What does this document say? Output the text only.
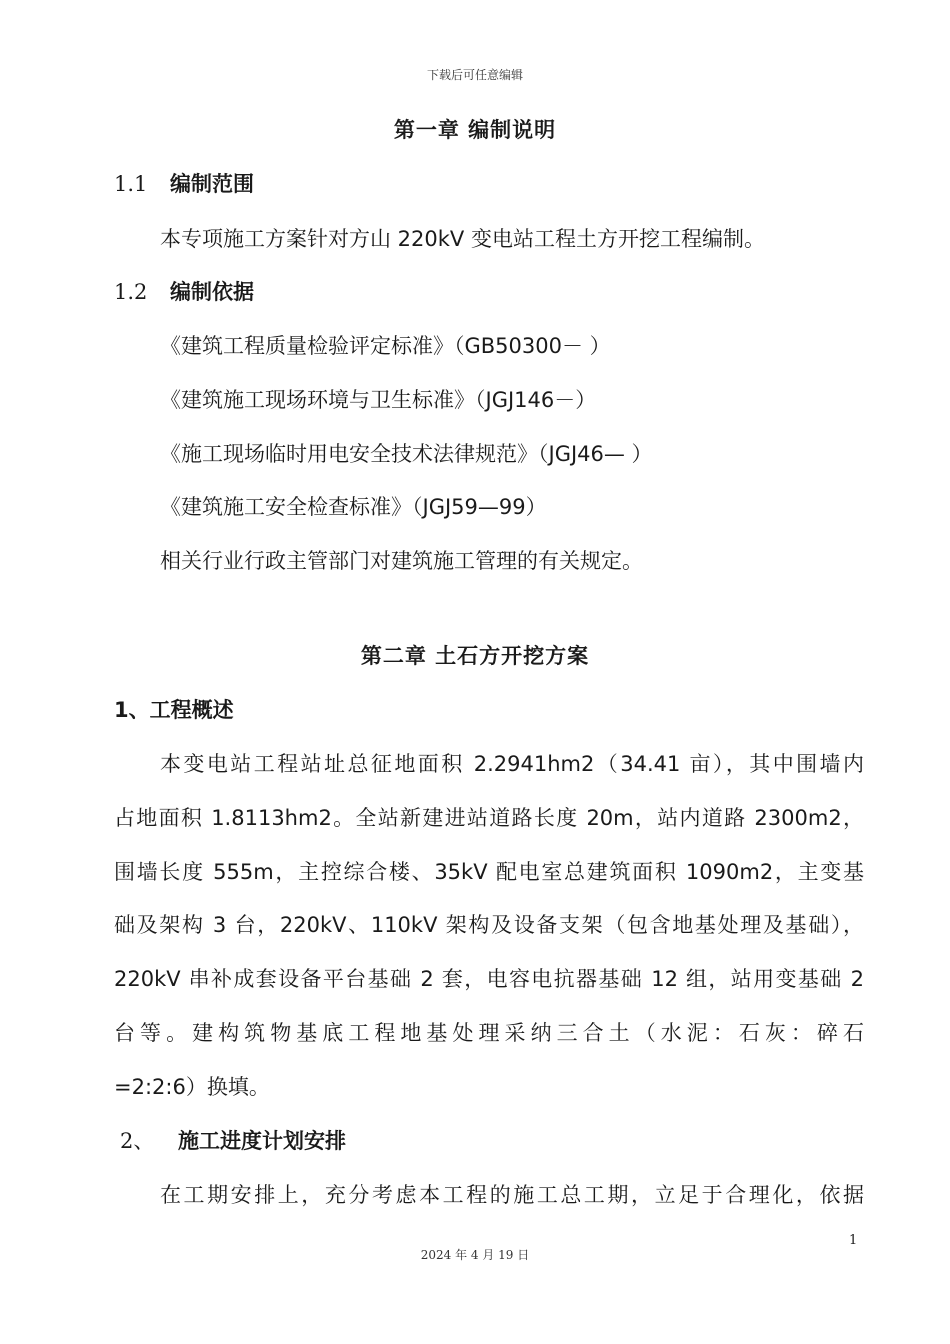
下载后可任意编辑
第一章 编制说明
1.1 编制范围
本专项施工方案针对方山 220kV 变电站工程土方开挖工程编制。
1.2 编制依据
《建筑工程质量检验评定标准》（GB50300－ ）
《建筑施工现场环境与卫生标准》（JGJ146－）
《施工现场临时用电安全技术法律规范》（JGJ46— ）
《建筑施工安全检查标准》（JGJ59—99）
相关行业行政主管部门对建筑施工管理的有关规定。
第二章 土石方开挖方案
1、工程概述
本变电站工程站址总征地面积 2.2941hm2（34.41 亩），其中围墙内
占地面积 1.8113hm2。全站新建进站道路长度 20m，站内道路 2300m2，
围墙长度 555m，主控综合楼、35kV 配电室总建筑面积 1090m2，主变基
础及架构 3 台，220kV、110kV 架构及设备支架（包含地基处理及基础），
220kV 串补成套设备平台基础 2 套，电容电抗器基础 12 组，站用变基础 2
台等。建构筑物基底工程地基处理采纳三合土（水泥：石灰：碎石
=2:2:6）换填。
2、 施工进度计划安排
在工期安排上，充分考虑本工程的施工总工期，立足于合理化，依据
1
2024 年 4 月 19 日
